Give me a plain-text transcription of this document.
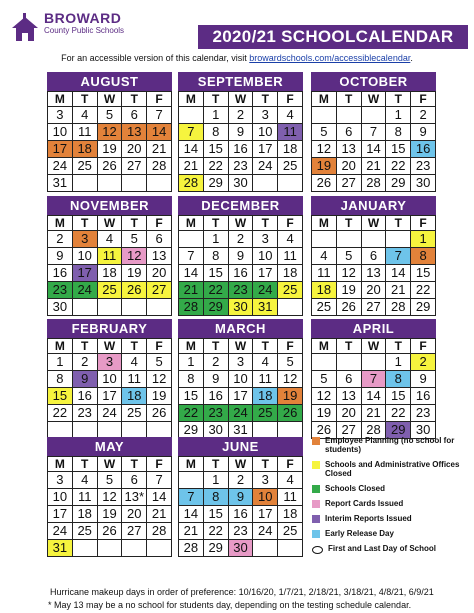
BROWARD
County Public Schools	2020/21 SCHOOLCALENDAR
For an accessible version of this calendar, visit browardschools.com/accessiblecalendar.
AUGUST
M	T	W	T	F
3	4	5	6	7
10	11	12	13	14
17	18	19	20	21
24	25	26	27	28
31				
SEPTEMBER
M	T	W	T	F
	1	2	3	4
7	8	9	10	11
14	15	16	17	18
21	22	23	24	25
28	29	30		
OCTOBER
M	T	W	T	F
			1	2
5	6	7	8	9
12	13	14	15	16
19	20	21	22	23
26	27	28	29	30
NOVEMBER
M	T	W	T	F
2	3	4	5	6
9	10	11	12	13
16	17	18	19	20
23	24	25	26	27
30				
DECEMBER
M	T	W	T	F
	1	2	3	4
7	8	9	10	11
14	15	16	17	18
21	22	23	24	25
28	29	30	31	
JANUARY
M	T	W	T	F
				1
4	5	6	7	8
11	12	13	14	15
18	19	20	21	22
25	26	27	28	29
FEBRUARY
M	T	W	T	F
1	2	3	4	5
8	9	10	11	12
15	16	17	18	19
22	23	24	25	26

MARCH
M	T	W	T	F
1	2	3	4	5
8	9	10	11	12
15	16	17	18	19
22	23	24	25	26
29	30	31		
APRIL
M	T	W	T	F
			1	2
5	6	7	8	9
12	13	14	15	16
19	20	21	22	23
26	27	28	29	30
MAY
M	T	W	T	F
3	4	5	6	7
10	11	12	13*	14
17	18	19	20	21
24	25	26	27	28
31				
JUNE
M	T	W	T	F
	1	2	3	4
7	8	9	10	11
14	15	16	17	18
21	22	23	24	25
28	29	30		
Employee Planning (no school for students)
Schools and Administrative Offices Closed
Schools Closed
Report Cards Issued
Interim Reports Issued
Early Release Day
First and Last Day of School
Hurricane makeup days in order of preference: 10/16/20, 1/7/21, 2/18/21, 3/18/21, 4/8/21, 6/9/21
* May 13 may be a no school for students day, depending on the testing schedule calendar.
